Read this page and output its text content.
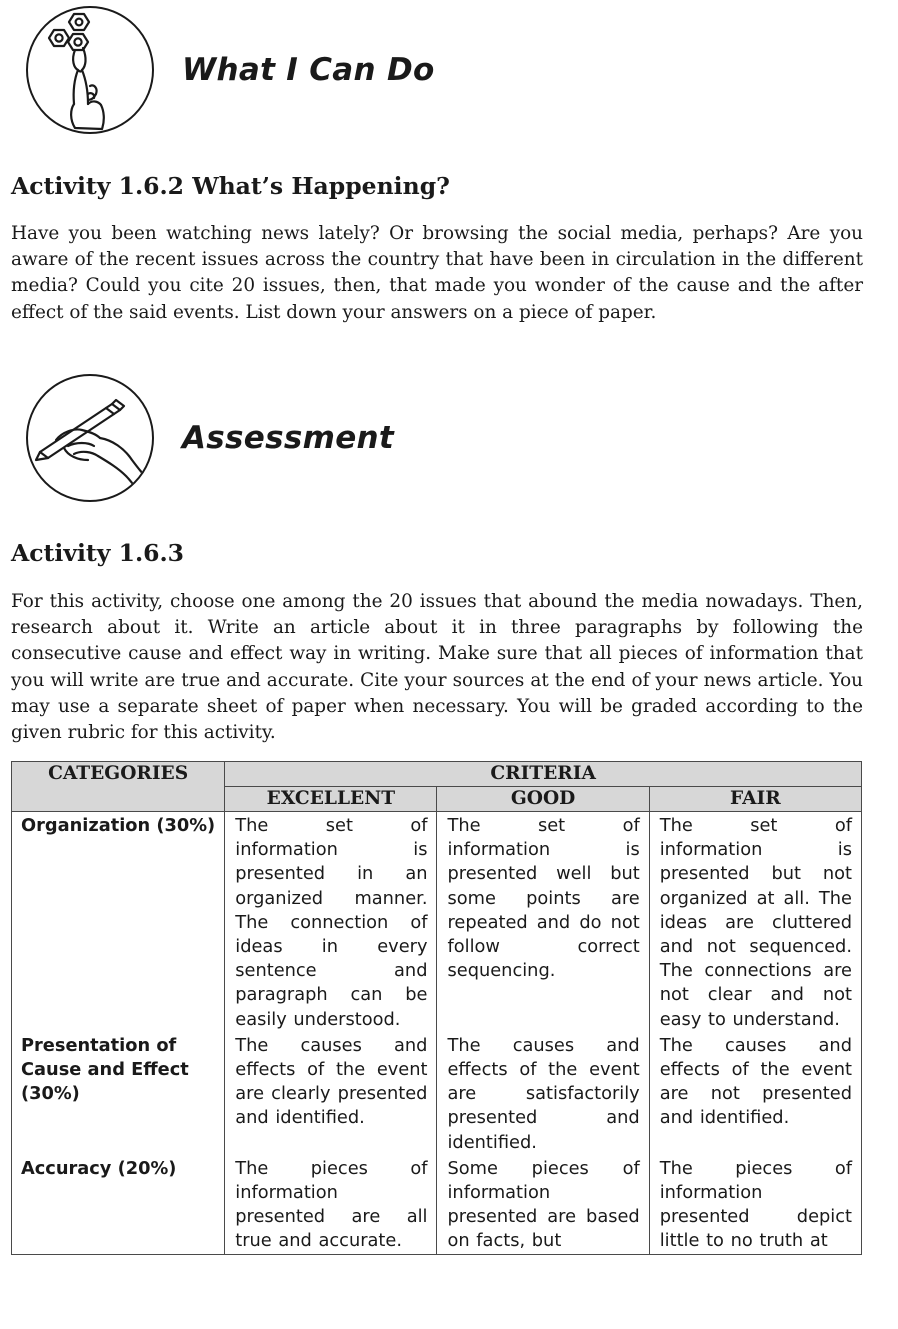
What I Can Do
Activity 1.6.2 What’s Happening?

Have you been watching news lately? Or browsing the social media, perhaps? Are you aware of the recent issues across the country that have been in circulation in the different media? Could you cite 20 issues, then, that made you wonder of the cause and the after effect of the said events. List down your answers on a piece of paper.

Assessment
Activity 1.6.3

For this activity, choose one among the 20 issues that abound the media nowadays. Then, research about it. Write an article about it in three paragraphs by following the consecutive cause and effect way in writing. Make sure that all pieces of information that you will write are true and accurate. Cite your sources at the end of your news article. You may use a separate sheet of paper when necessary. You will be graded according to the given rubric for this activity.

CATEGORIES	CRITERIA		
	EXCELLENT	GOOD	FAIR
Organization (30%)	The set of information is presented in an organized manner. The connection of ideas in every sentence and paragraph can be easily understood.	The set of information is presented well but some points are repeated and do not follow correct sequencing.	The set of information is presented but not organized at all. The ideas are cluttered and not sequenced. The connections are not clear and not easy to understand.
Presentation of Cause and Effect (30%)	The causes and effects of the event are clearly presented and identified.	The causes and effects of the event are satisfactorily presented and identified.	The causes and effects of the event are not presented and identified.
Accuracy (20%)	The pieces of information presented are all true and accurate.	Some pieces of information presented are based on facts, but	The pieces of information presented depict little to no truth at
